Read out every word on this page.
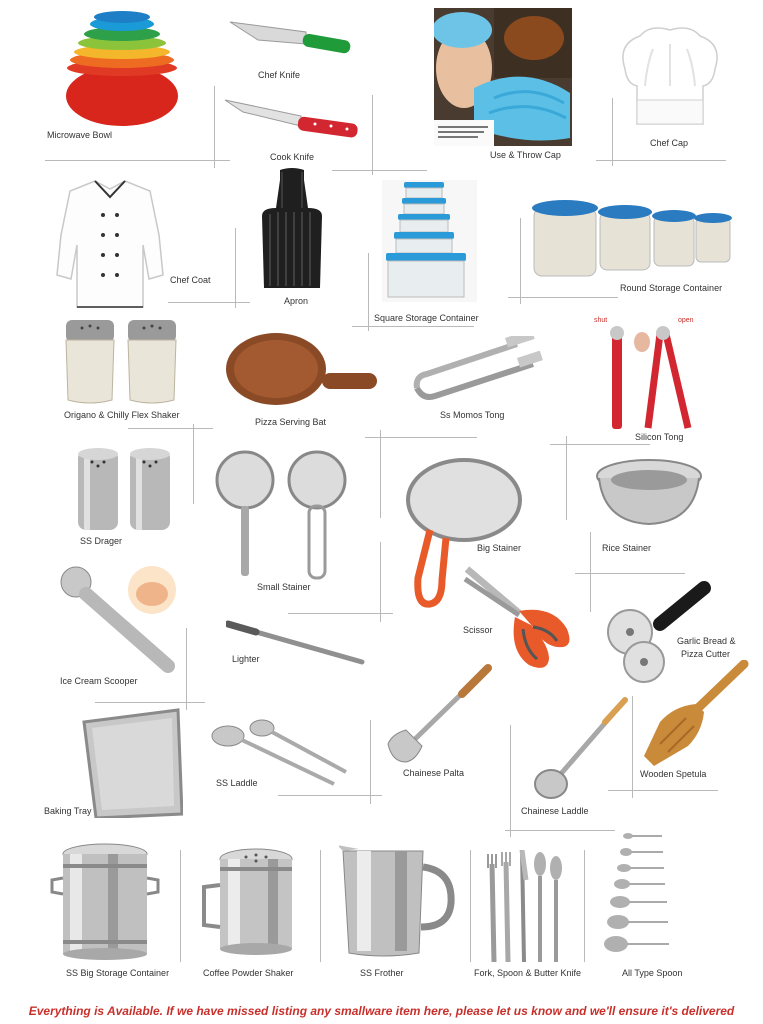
Microwave Bowl
Chef Knife
Cook Knife	Use & Throw Cap
Chef Cap
Chef Coat
Apron
Square Storage Container
Round Storage Container
Origano & Chilly Flex Shaker
Pizza Serving Bat
Ss Momos Tong
shut	open
Silicon Tong
SS Drager
Small Stainer
Big Stainer	Rice Stainer
Ice Cream Scooper
Lighter
Scissor
Garlic Bread &
Pizza Cutter
Baking Tray
SS Laddle
Chainese Palta
Chainese Laddle
Wooden Spetula
SS Big Storage Container	Coffee Powder Shaker	SS Frother	Fork, Spoon & Butter Knife	All Type Spoon
Everything is Available. If we have missed listing any smallware item here, please let us know and we'll ensure it's delivered
